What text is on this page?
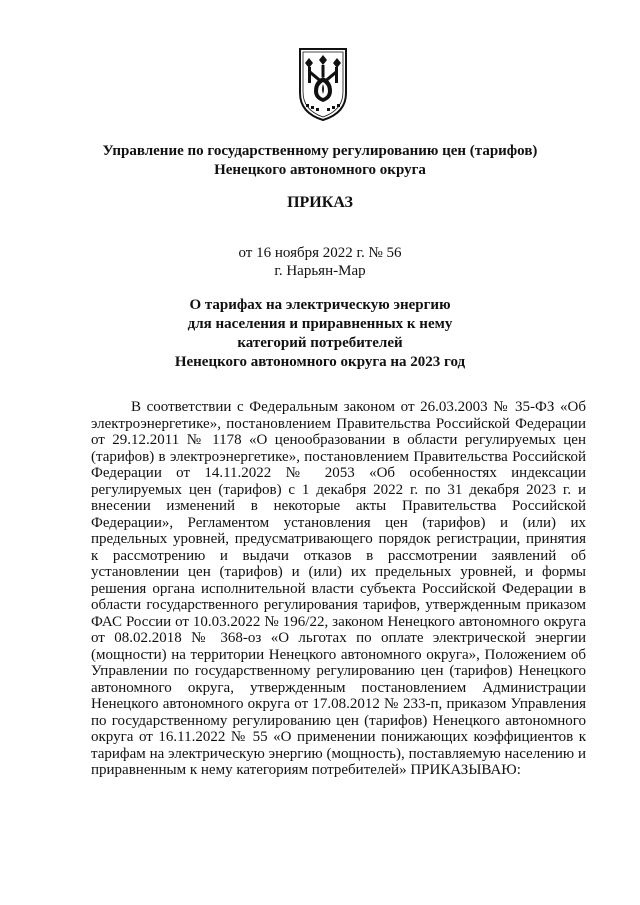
Управление по государственному регулированию цен (тарифов)
Ненецкого автономного округа
ПРИКАЗ
от 16 ноября 2022 г. № 56
г. Нарьян-Мар
О тарифах на электрическую энергию
для населения и приравненных к нему
категорий потребителей
Ненецкого автономного округа на 2023 год

В соответствии с Федеральным законом от 26.03.2003 № 35-ФЗ «Об электроэнергетике», постановлением Правительства Российской Федерации от 29.12.2011 № 1178 «О ценообразовании в области регулируемых цен (тарифов) в электроэнергетике», постановлением Правительства Российской Федерации от 14.11.2022 № 2053 «Об особенностях индексации регулируемых цен (тарифов) с 1 декабря 2022 г. по 31 декабря 2023 г. и внесении изменений в некоторые акты Правительства Российской Федерации», Регламентом установления цен (тарифов) и (или) их предельных уровней, предусматривающего порядок регистрации, принятия к рассмотрению и выдачи отказов в рассмотрении заявлений об установлении цен (тарифов) и (или) их предельных уровней, и формы решения органа исполнительной власти субъекта Российской Федерации в области государственного регулирования тарифов, утвержденным приказом ФАС России от 10.03.2022 № 196/22, законом Ненецкого автономного округа от 08.02.2018 № 368-оз «О льготах по оплате электрической энергии (мощности) на территории Ненецкого автономного округа», Положением об Управлении по государственному регулированию цен (тарифов) Ненецкого автономного округа, утвержденным постановлением Администрации Ненецкого автономного округа от 17.08.2012 № 233-п, приказом Управления по государственному регулированию цен (тарифов) Ненецкого автономного округа от 16.11.2022 № 55 «О применении понижающих коэффициентов к тарифам на электрическую энергию (мощность), поставляемую населению и приравненным к нему категориям потребителей» ПРИКАЗЫВАЮ:
